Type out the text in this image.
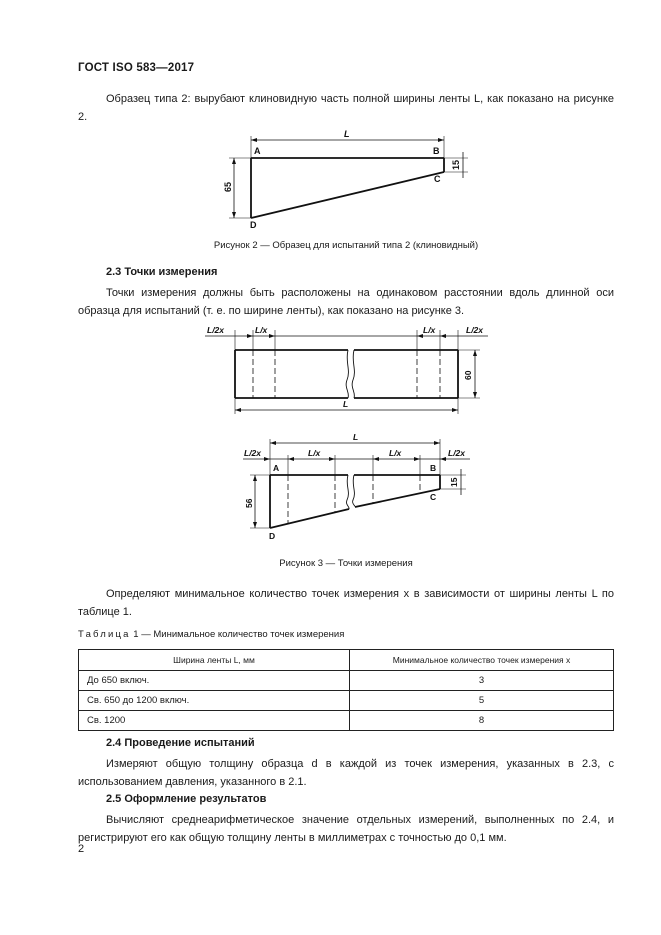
ГОСТ ISO 583—2017
Образец типа 2: вырубают клиновидную часть полной ширины ленты L, как показано на рисунке 2.
L
A	B
C
D
65
15
Рисунок 2 — Образец для испытаний типа 2 (клиновидный)
2.3 Точки измерения
Точки измерения должны быть расположены на одинаковом расстоянии вдоль длинной оси образца для испытаний (т. е. по ширине ленты), как показано на рисунке 3.
L/2x	L/x	L/x	L/2x
L
60
L
L/2x	L/x	L/x	L/2x
A	B
C
D
56
15
Рисунок 3 — Точки измерения
Определяют минимальное количество точек измерения x в зависимости от ширины ленты L по таблице 1.
Таблица 1 — Минимальное количество точек измерения
Ширина ленты L, мм	Минимальное количество точек измерения x
До 650 включ.	3
Св. 650 до 1200 включ.	5
Св. 1200	8
2.4 Проведение испытаний
Измеряют общую толщину образца d в каждой из точек измерения, указанных в 2.3, с использованием давления, указанного в 2.1.
2.5 Оформление результатов
Вычисляют среднеарифметическое значение отдельных измерений, выполненных по 2.4, и регистрируют его как общую толщину ленты в миллиметрах с точностью до 0,1 мм.
2
